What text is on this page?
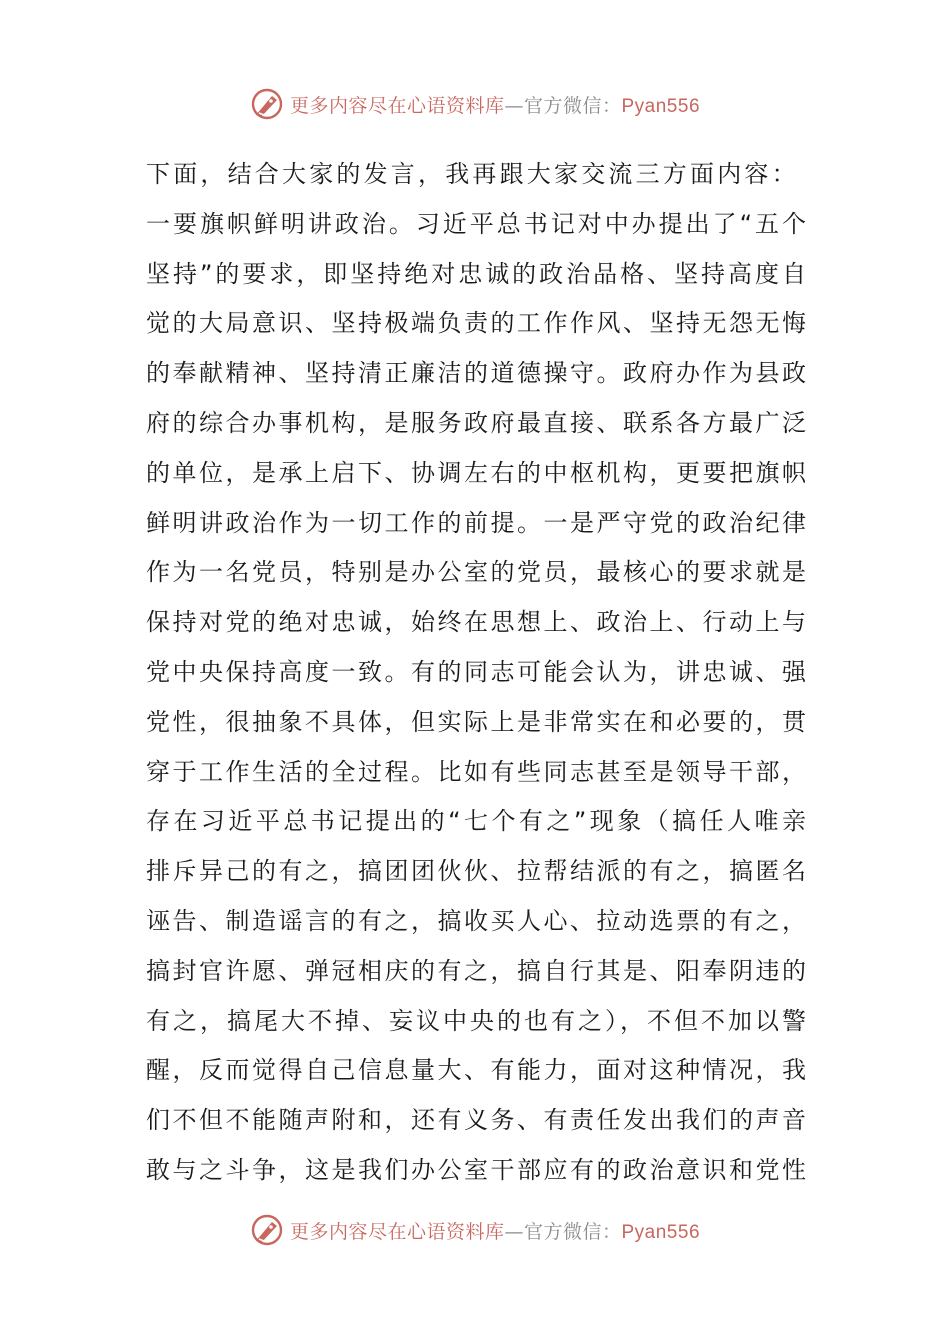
更多内容尽在心语资料库 —官方微信： Pyan556
下面，结合大家的发言，我再跟大家交流三方面内容：
一要旗帜鲜明讲政治。习近平总书记对中办提出了“五个
坚持”的要求，即坚持绝对忠诚的政治品格、坚持高度自
觉的大局意识、坚持极端负责的工作作风、坚持无怨无悔
的奉献精神、坚持清正廉洁的道德操守。政府办作为县政
府的综合办事机构，是服务政府最直接、联系各方最广泛
的单位，是承上启下、协调左右的中枢机构，更要把旗帜
鲜明讲政治作为一切工作的前提。一是严守党的政治纪律
作为一名党员，特别是办公室的党员，最核心的要求就是
保持对党的绝对忠诚，始终在思想上、政治上、行动上与
党中央保持高度一致。有的同志可能会认为，讲忠诚、强
党性，很抽象不具体，但实际上是非常实在和必要的，贯
穿于工作生活的全过程。比如有些同志甚至是领导干部，
存在习近平总书记提出的“七个有之”现象（搞任人唯亲
排斥异己的有之，搞团团伙伙、拉帮结派的有之，搞匿名
诬告、制造谣言的有之，搞收买人心、拉动选票的有之，
搞封官许愿、弹冠相庆的有之，搞自行其是、阳奉阴违的
有之，搞尾大不掉、妄议中央的也有之），不但不加以警
醒，反而觉得自己信息量大、有能力，面对这种情况，我
们不但不能随声附和，还有义务、有责任发出我们的声音
敢与之斗争，这是我们办公室干部应有的政治意识和党性
更多内容尽在心语资料库 —官方微信： Pyan556
